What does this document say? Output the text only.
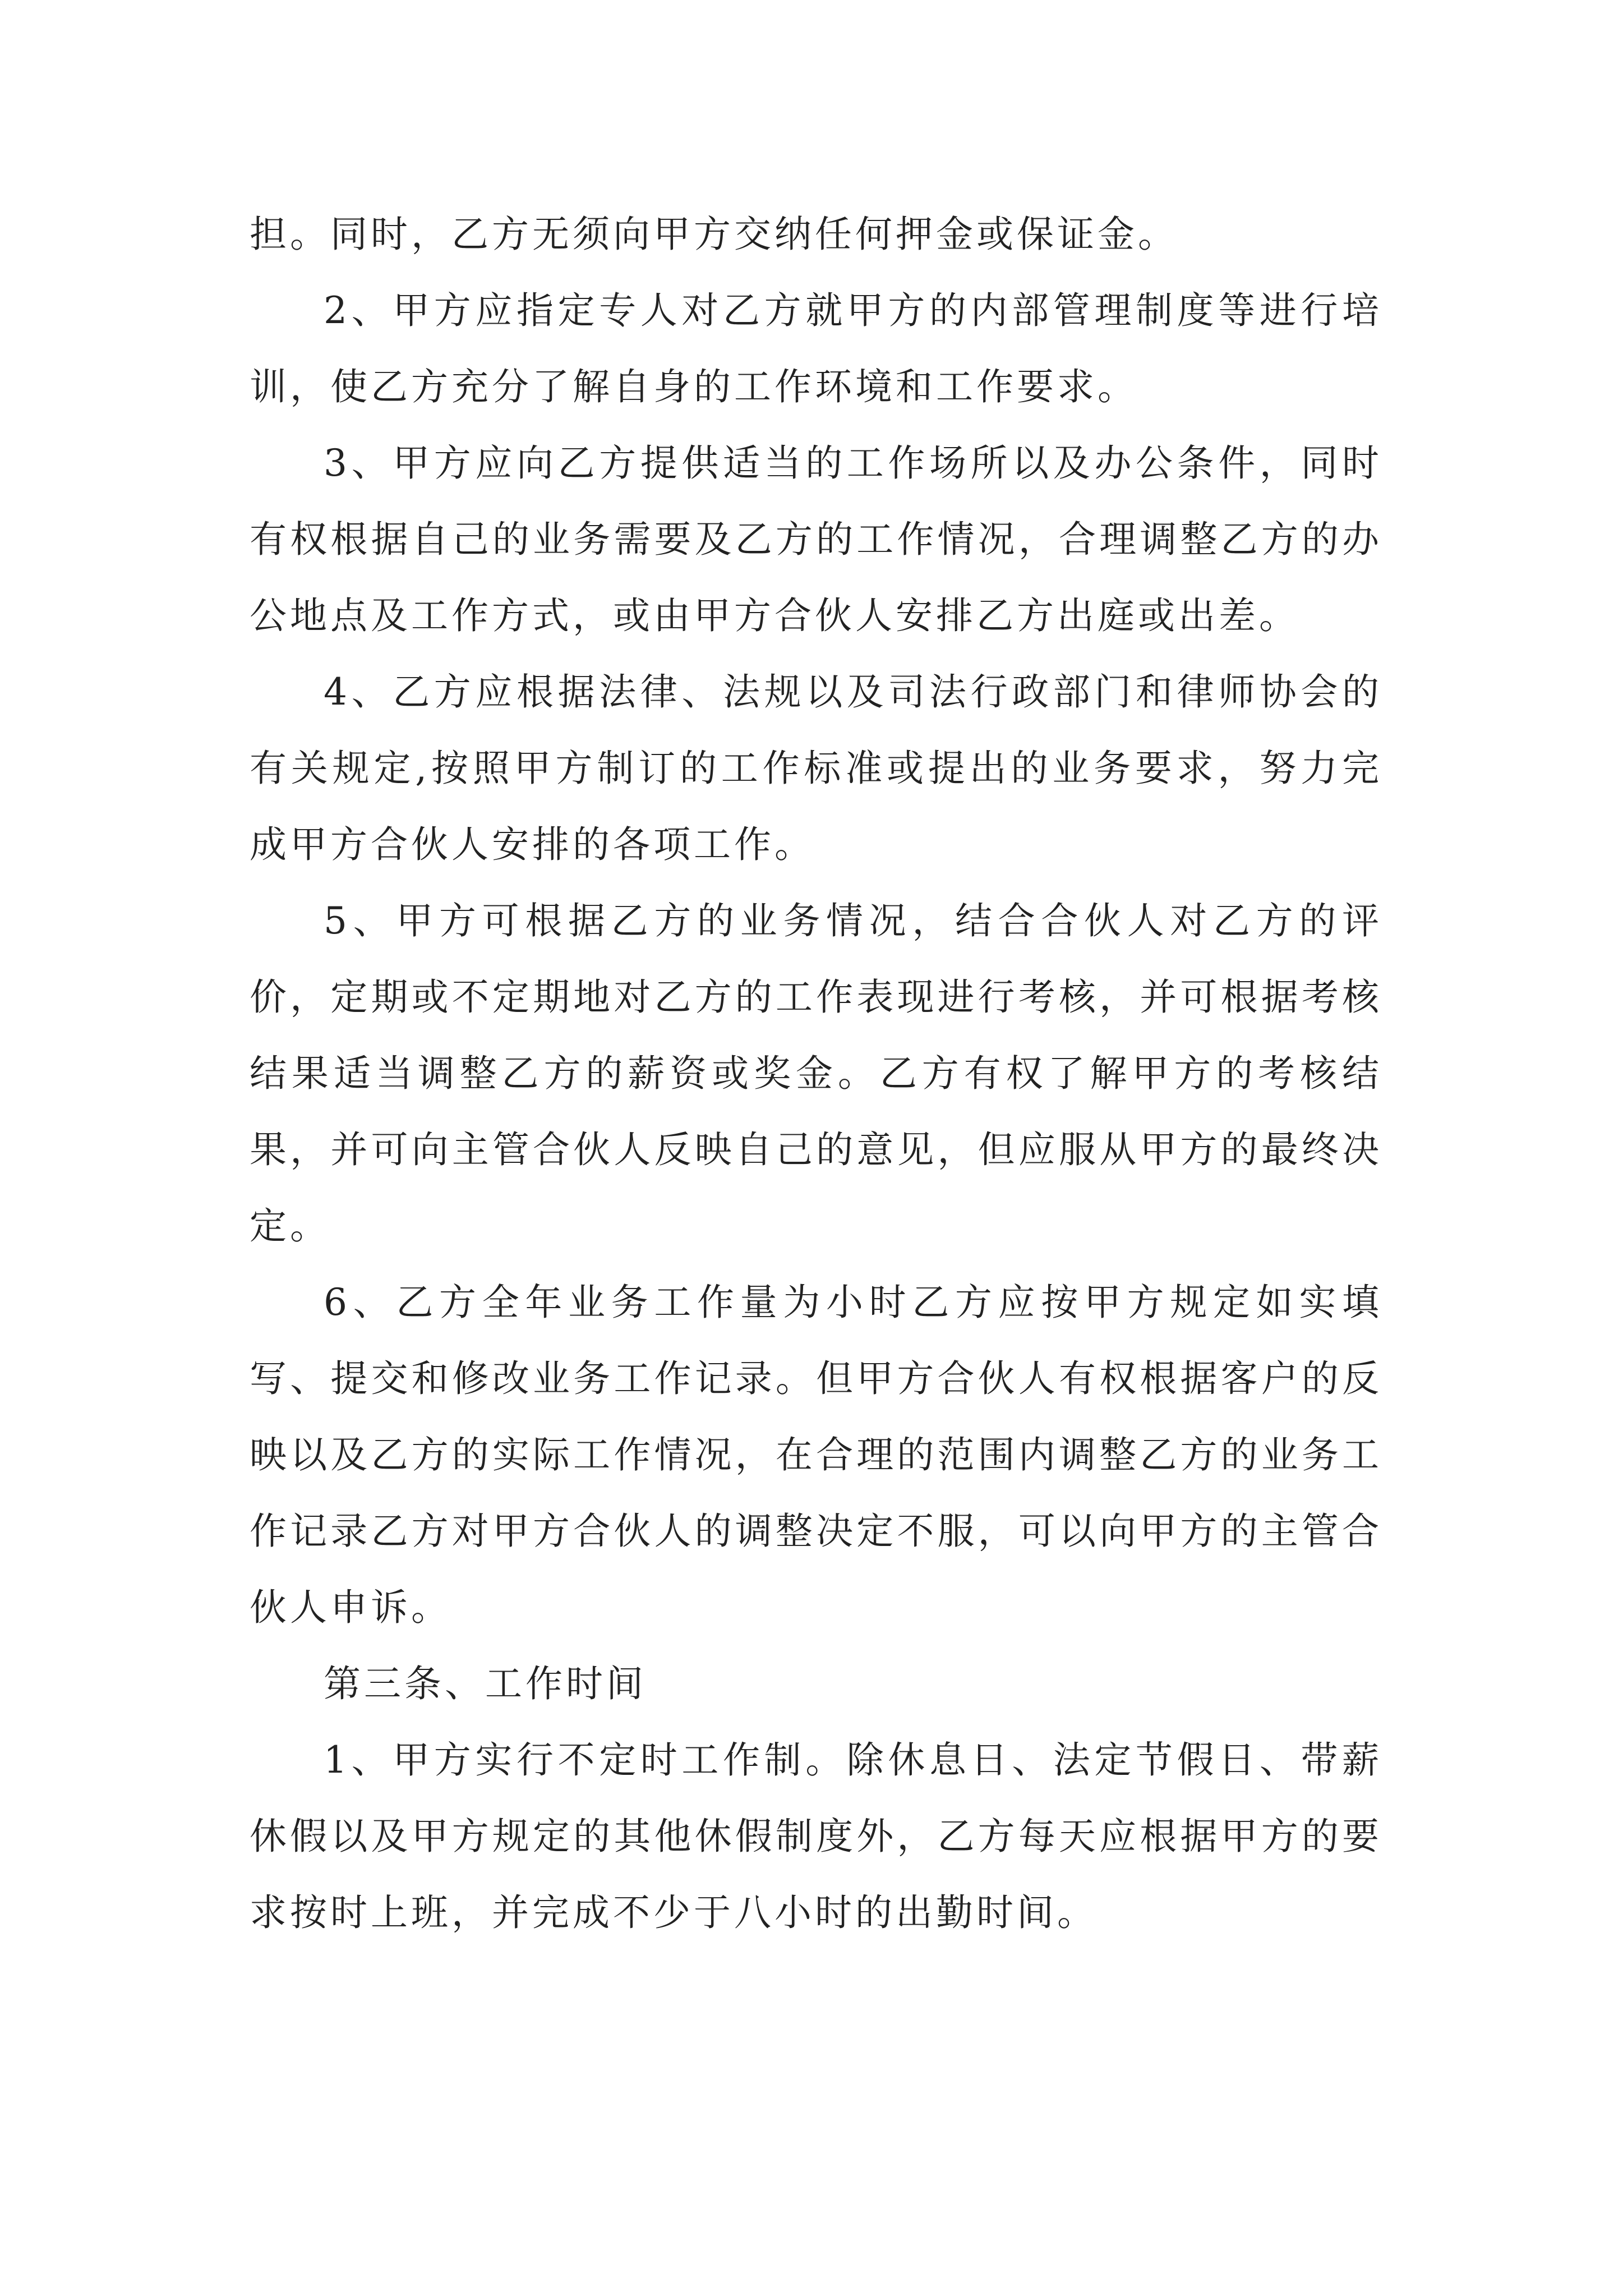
担。同时，乙方无须向甲方交纳任何押金或保证金。

2、甲方应指定专人对乙方就甲方的内部管理制度等进行培训，使乙方充分了解自身的工作环境和工作要求。

3、甲方应向乙方提供适当的工作场所以及办公条件，同时有权根据自己的业务需要及乙方的工作情况，合理调整乙方的办公地点及工作方式，或由甲方合伙人安排乙方出庭或出差。

4、乙方应根据法律、法规以及司法行政部门和律师协会的有关规定,按照甲方制订的工作标准或提出的业务要求，努力完成甲方合伙人安排的各项工作。

5、甲方可根据乙方的业务情况，结合合伙人对乙方的评价，定期或不定期地对乙方的工作表现进行考核，并可根据考核结果适当调整乙方的薪资或奖金。乙方有权了解甲方的考核结果，并可向主管合伙人反映自己的意见，但应服从甲方的最终决定。

6、乙方全年业务工作量为小时乙方应按甲方规定如实填写、提交和修改业务工作记录。但甲方合伙人有权根据客户的反映以及乙方的实际工作情况，在合理的范围内调整乙方的业务工作记录乙方对甲方合伙人的调整决定不服，可以向甲方的主管合伙人申诉。

第三条、工作时间

1、甲方实行不定时工作制。除休息日、法定节假日、带薪休假以及甲方规定的其他休假制度外，乙方每天应根据甲方的要求按时上班，并完成不少于八小时的出勤时间。
